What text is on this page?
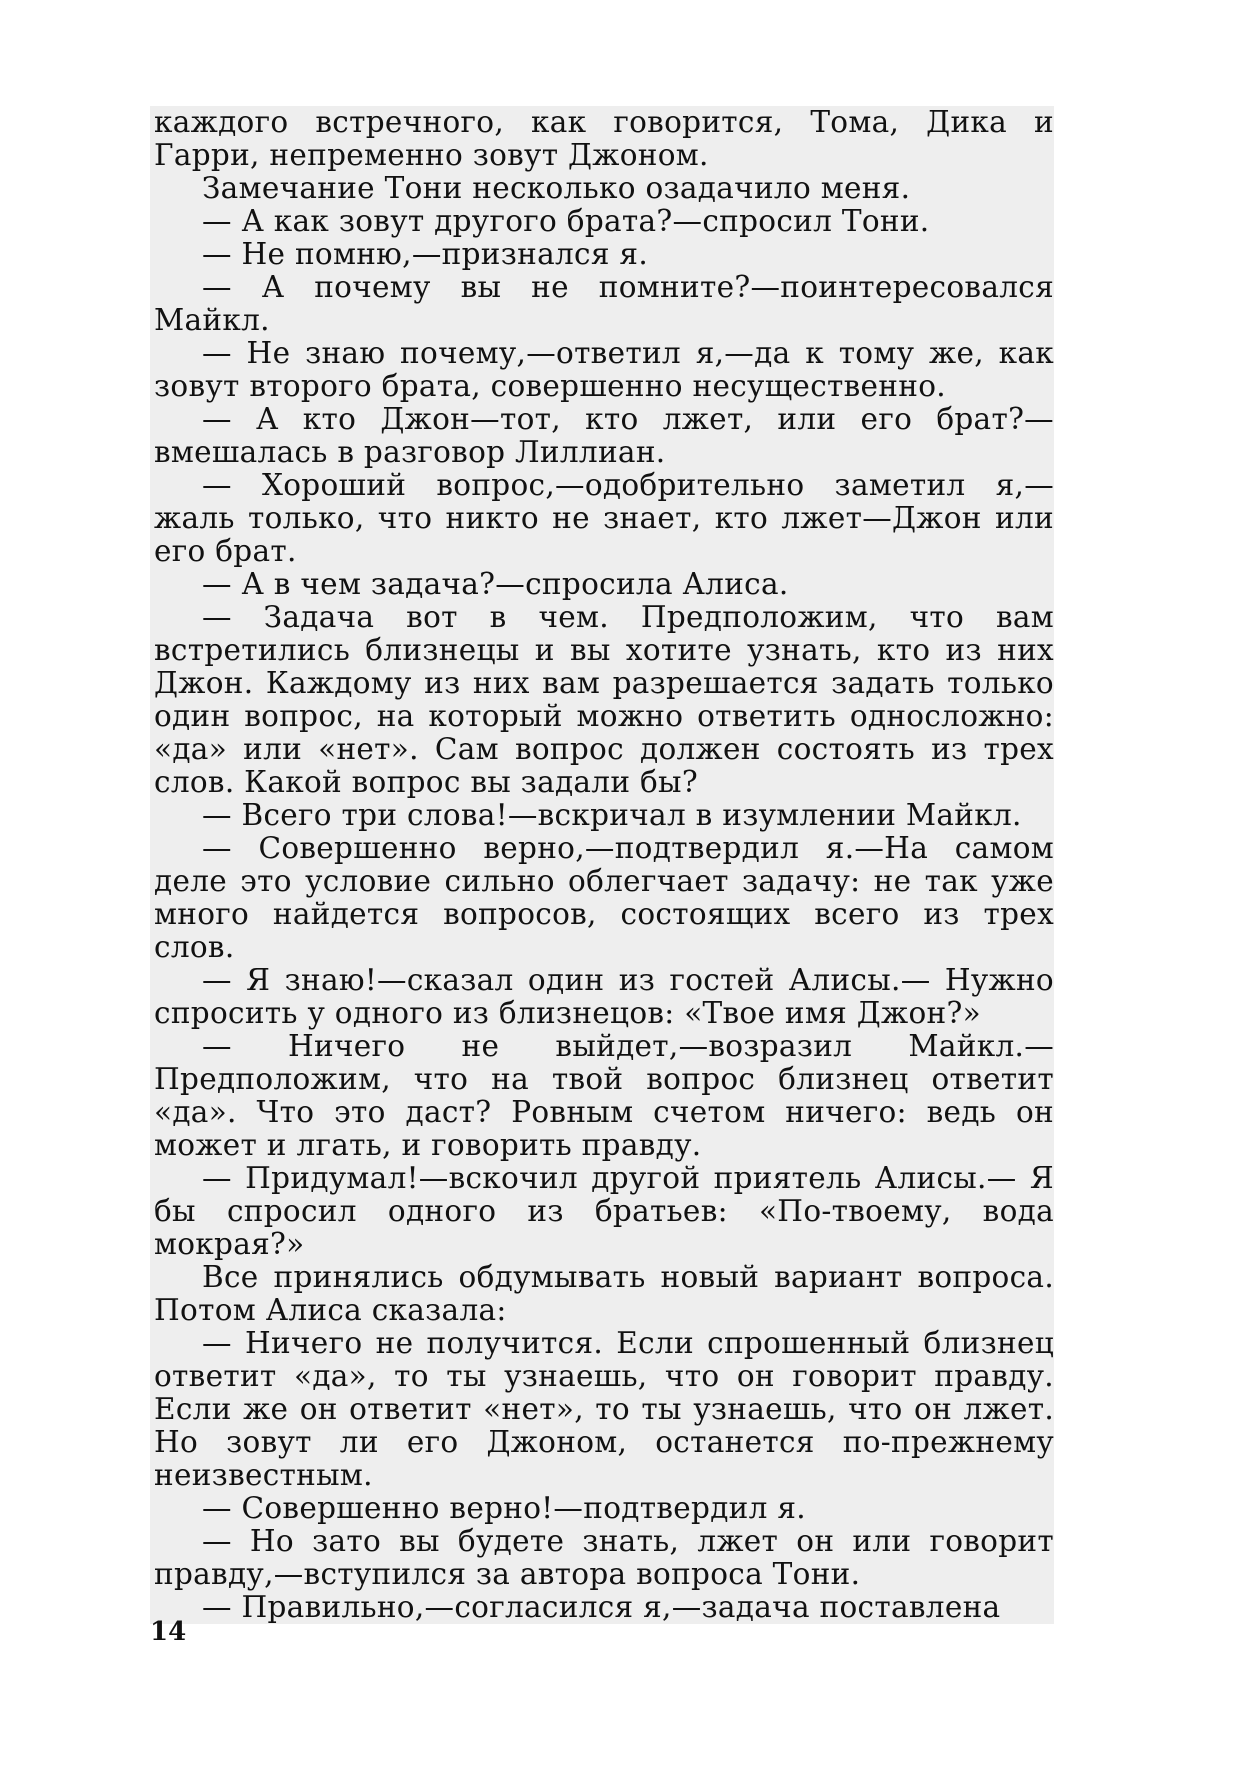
каждого встречного, как говорится, Тома, Дика и Гарри, непременно зовут Джоном.

Замечание Тони несколько озадачило меня.

— А как зовут другого брата?—спросил Тони.

— Не помню,—признался я.

— А почему вы не помните?—поинтересовался Майкл.

— Не знаю почему,—ответил я,—да к тому же, как зовут второго брата, совершенно несущественно.

— А кто Джон—тот, кто лжет, или его брат?— вмешалась в разговор Лиллиан.

— Хороший вопрос,—одобрительно заметил я,— жаль только, что никто не знает, кто лжет—Джон или его брат.

— А в чем задача?—спросила Алиса.

— Задача вот в чем. Предположим, что вам встретились близнецы и вы хотите узнать, кто из них Джон. Каждому из них вам разрешается задать только один вопрос, на который можно ответить односложно: «да» или «нет». Сам вопрос должен состоять из трех слов. Какой вопрос вы задали бы?

— Всего три слова!—вскричал в изумлении Майкл.

— Совершенно верно,—подтвердил я.—На самом деле это условие сильно облегчает задачу: не так уже много найдется вопросов, состоящих всего из трех слов.

— Я знаю!—сказал один из гостей Алисы.— Нужно спросить у одного из близнецов: «Твое имя Джон?»

— Ничего не выйдет,—возразил Майкл.— Предположим, что на твой вопрос близнец ответит «да». Что это даст? Ровным счетом ничего: ведь он может и лгать, и говорить правду.

— Придумал!—вскочил другой приятель Алисы.— Я бы спросил одного из братьев: «По-твоему, вода мокрая?»

Все принялись обдумывать новый вариант вопроса. Потом Алиса сказала:

— Ничего не получится. Если спрошенный близнец ответит «да», то ты узнаешь, что он говорит правду. Если же он ответит «нет», то ты узнаешь, что он лжет. Но зовут ли его Джоном, останется по-прежнему неизвестным.

— Совершенно верно!—подтвердил я.

— Но зато вы будете знать, лжет он или говорит правду,—вступился за автора вопроса Тони.

— Правильно,—согласился я,—задача поставлена

14
